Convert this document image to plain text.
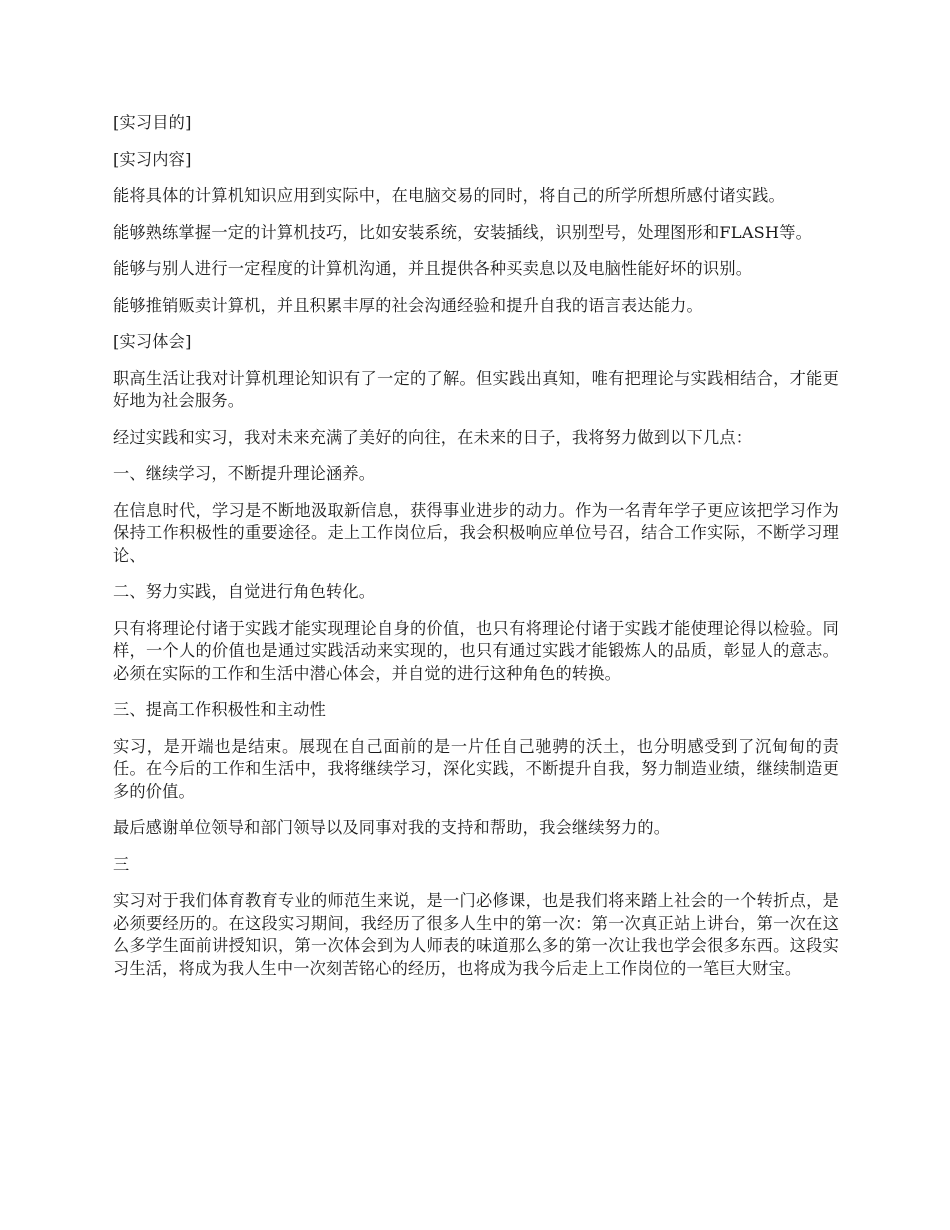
[实习目的]

[实习内容]

能将具体的计算机知识应用到实际中，在电脑交易的同时，将自己的所学所想所感付诸实践。

能够熟练掌握一定的计算机技巧，比如安装系统，安装插线，识别型号，处理图形和FLASH等。

能够与别人进行一定程度的计算机沟通，并且提供各种买卖息以及电脑性能好坏的识别。

能够推销贩卖计算机，并且积累丰厚的社会沟通经验和提升自我的语言表达能力。

[实习体会]

职高生活让我对计算机理论知识有了一定的了解。但实践出真知，唯有把理论与实践相结合，才能更好地为社会服务。

经过实践和实习，我对未来充满了美好的向往，在未来的日子，我将努力做到以下几点：

一、继续学习，不断提升理论涵养。

在信息时代，学习是不断地汲取新信息，获得事业进步的动力。作为一名青年学子更应该把学习作为保持工作积极性的重要途径。走上工作岗位后，我会积极响应单位号召，结合工作实际，不断学习理论、

二、努力实践，自觉进行角色转化。

只有将理论付诸于实践才能实现理论自身的价值，也只有将理论付诸于实践才能使理论得以检验。同样，一个人的价值也是通过实践活动来实现的，也只有通过实践才能锻炼人的品质，彰显人的意志。必须在实际的工作和生活中潜心体会，并自觉的进行这种角色的转换。

三、提高工作积极性和主动性

实习，是开端也是结束。展现在自己面前的是一片任自己驰骋的沃土，也分明感受到了沉甸甸的责任。在今后的工作和生活中，我将继续学习，深化实践，不断提升自我，努力制造业绩，继续制造更多的价值。

最后感谢单位领导和部门领导以及同事对我的支持和帮助，我会继续努力的。

三

实习对于我们体育教育专业的师范生来说，是一门必修课，也是我们将来踏上社会的一个转折点，是必须要经历的。在这段实习期间，我经历了很多人生中的第一次：第一次真正站上讲台，第一次在这么多学生面前讲授知识，第一次体会到为人师表的味道那么多的第一次让我也学会很多东西。这段实习生活，将成为我人生中一次刻苦铭心的经历，也将成为我今后走上工作岗位的一笔巨大财宝。
